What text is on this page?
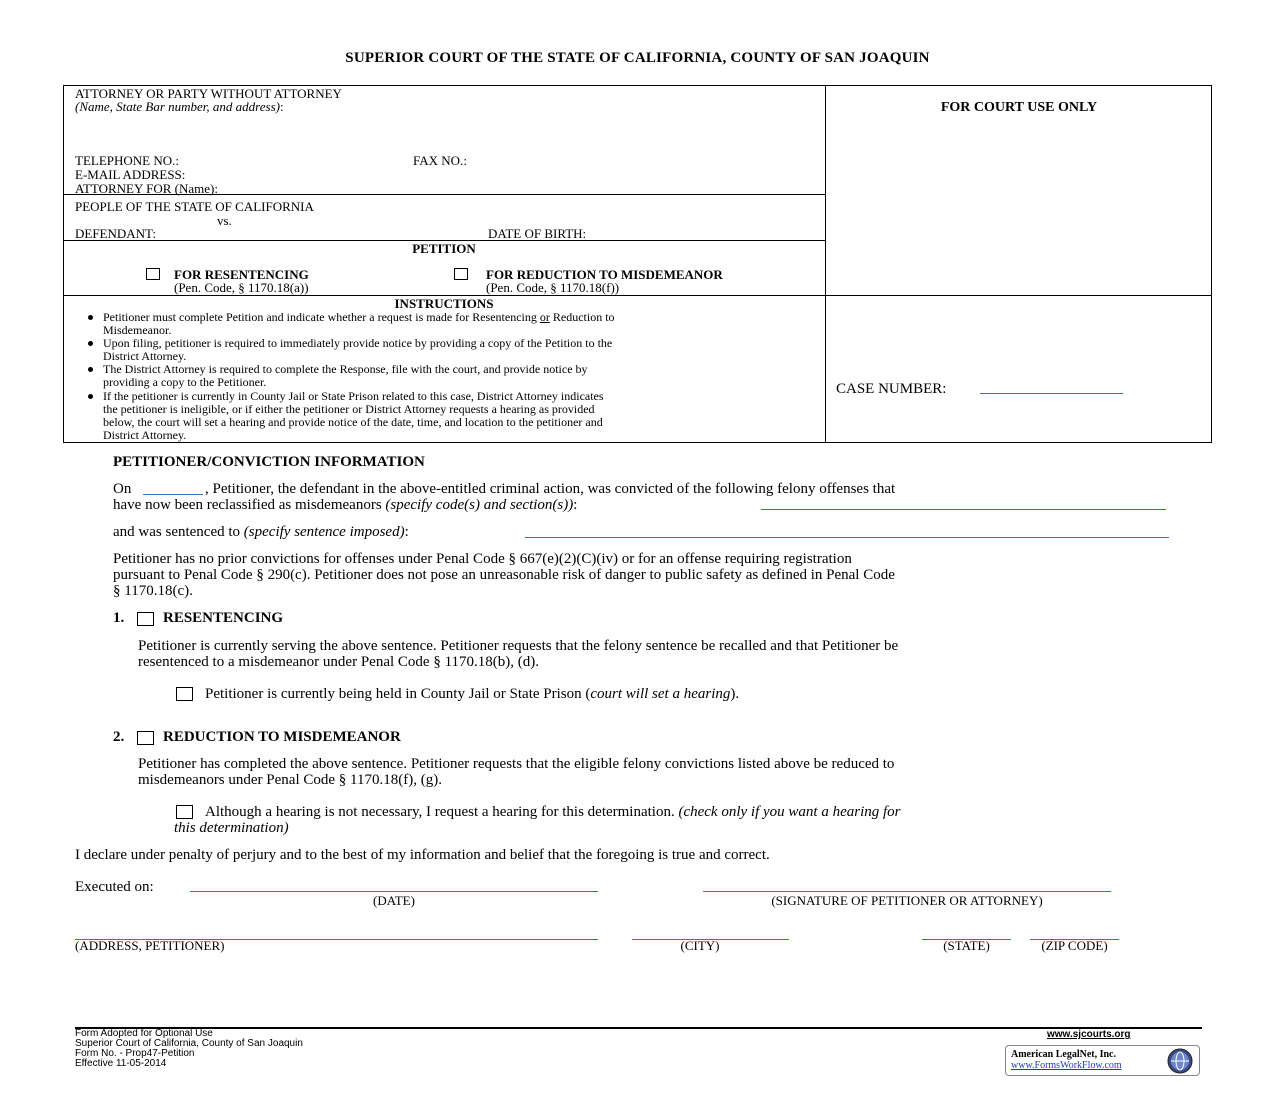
SUPERIOR COURT OF THE STATE OF CALIFORNIA, COUNTY OF SAN JOAQUIN
ATTORNEY OR PARTY WITHOUT ATTORNEY
(Name, State Bar number, and address):
TELEPHONE NO.:	FAX NO.:
E-MAIL ADDRESS:
ATTORNEY FOR (Name):
FOR COURT USE ONLY
PEOPLE OF THE STATE OF CALIFORNIA
vs.
DEFENDANT:	DATE OF BIRTH:
PETITION
FOR RESENTENCING
(Pen. Code, § 1170.18(a))
FOR REDUCTION TO MISDEMEANOR
(Pen. Code, § 1170.18(f))
INSTRUCTIONS
Petitioner must complete Petition and indicate whether a request is made for Resentencing or Reduction to
Misdemeanor.
Upon filing, petitioner is required to immediately provide notice by providing a copy of the Petition to the
District Attorney.
The District Attorney is required to complete the Response, file with the court, and provide notice by
providing a copy to the Petitioner.
If the petitioner is currently in County Jail or State Prison related to this case, District Attorney indicates
the petitioner is ineligible, or if either the petitioner or District Attorney requests a hearing as provided
below, the court will set a hearing and provide notice of the date, time, and location to the petitioner and
District Attorney.
CASE NUMBER:
PETITIONER/CONVICTION INFORMATION
On	, Petitioner, the defendant in the above-entitled criminal action, was convicted of the following felony offenses that
have now been reclassified as misdemeanors (specify code(s) and section(s)):
and was sentenced to (specify sentence imposed):
Petitioner has no prior convictions for offenses under Penal Code § 667(e)(2)(C)(iv) or for an offense requiring registration
pursuant to Penal Code § 290(c). Petitioner does not pose an unreasonable risk of danger to public safety as defined in Penal Code
§ 1170.18(c).
1.	RESENTENCING
Petitioner is currently serving the above sentence. Petitioner requests that the felony sentence be recalled and that Petitioner be
resentenced to a misdemeanor under Penal Code § 1170.18(b), (d).
Petitioner is currently being held in County Jail or State Prison (court will set a hearing).
2.	REDUCTION TO MISDEMEANOR
Petitioner has completed the above sentence. Petitioner requests that the eligible felony convictions listed above be reduced to
misdemeanors under Penal Code § 1170.18(f), (g).
Although a hearing is not necessary, I request a hearing for this determination. (check only if you want a hearing for
this determination)
I declare under penalty of perjury and to the best of my information and belief that the foregoing is true and correct.
Executed on:
(DATE)	(SIGNATURE OF PETITIONER OR ATTORNEY)
(ADDRESS, PETITIONER)	(CITY)	(STATE)	(ZIP CODE)
Form Adopted for Optional Use
Superior Court of California, County of San Joaquin
Form No. - Prop47-Petition
Effective 11-05-2014
www.sjcourts.org
American LegalNet, Inc.
www.FormsWorkFlow.com
